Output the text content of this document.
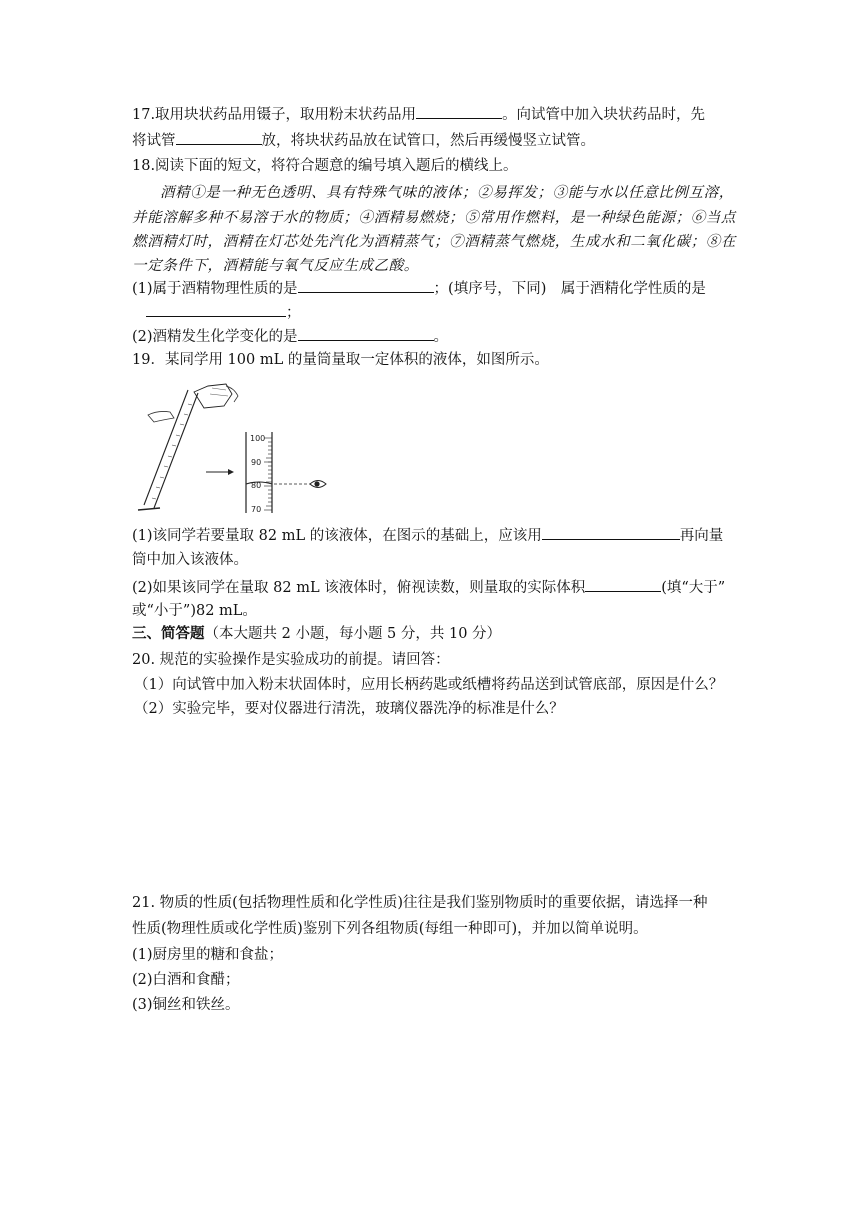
17.取用块状药品用镊子，取用粉末状药品用	。向试管中加入块状药品时，先
将试管	放，将块状药品放在试管口，然后再缓慢竖立试管。
18.阅读下面的短文，将符合题意的编号填入题后的横线上。
酒精①是一种无色透明、具有特殊气味的液体；②易挥发；③能与水以任意比例互溶，
并能溶解多种不易溶于水的物质；④酒精易燃烧；⑤常用作燃料，是一种绿色能源；⑥当点
燃酒精灯时，酒精在灯芯处先汽化为酒精蒸气；⑦酒精蒸气燃烧，生成水和二氧化碳；⑧在
一定条件下，酒精能与氧气反应生成乙酸。
(1)属于酒精物理性质的是	；(填序号，下同)　属于酒精化学性质的是
；
(2)酒精发生化学变化的是	。
19．某同学用 100 mL 的量筒量取一定体积的液体，如图所示。
100
90
80
70
(1)该同学若要量取 82 mL 的该液体，在图示的基础上，应该用	再向量
筒中加入该液体。
(2)如果该同学在量取 82 mL 该液体时，俯视读数，则量取的实际体积	(填“大于”
或“小于”)82 mL。
三、简答题（本大题共 2 小题，每小题 5 分，共 10 分）
20. 规范的实验操作是实验成功的前提。请回答：
（1）向试管中加入粉末状固体时，应用长柄药匙或纸槽将药品送到试管底部，原因是什么？
（2）实验完毕，要对仪器进行清洗，玻璃仪器洗净的标准是什么？
21. 物质的性质(包括物理性质和化学性质)往往是我们鉴别物质时的重要依据，请选择一种
性质(物理性质或化学性质)鉴别下列各组物质(每组一种即可)，并加以简单说明。
(1)厨房里的糖和食盐；
(2)白酒和食醋；
(3)铜丝和铁丝。
